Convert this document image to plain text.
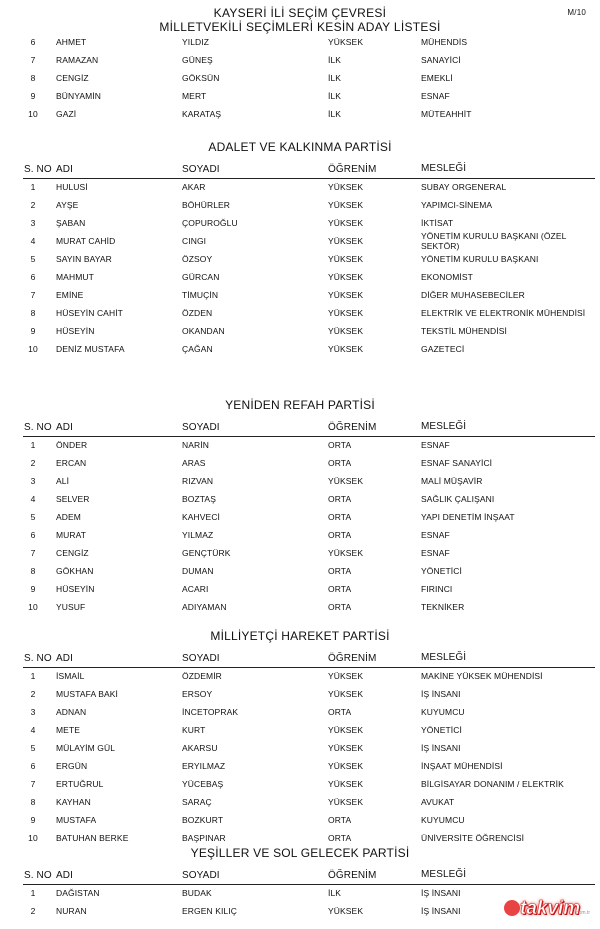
M/10
KAYSERİ İLİ SEÇİM ÇEVRESİ
MİLLETVEKİLİ SEÇİMLERİ KESİN ADAY LİSTESİ
6	AHMET	YILDIZ	YÜKSEK	MÜHENDİS
7	RAMAZAN	GÜNEŞ	İLK	SANAYİCİ
8	CENGİZ	GÖKSÜN	İLK	EMEKLİ
9	BÜNYAMİN	MERT	İLK	ESNAF
10	GAZİ	KARATAŞ	İLK	MÜTEAHHİT
ADALET VE KALKINMA PARTİSİ
S. NO ADI	SOYADI	ÖĞRENİM	MESLEĞİ
1	HULUSİ	AKAR	YÜKSEK	SUBAY ORGENERAL
2	AYŞE	BÖHÜRLER	YÜKSEK	YAPIMCI-SİNEMA
3	ŞABAN	ÇOPUROĞLU	YÜKSEK	İKTİSAT
4	MURAT CAHİD	CINGI	YÜKSEK	YÖNETİM KURULU BAŞKANI (ÖZEL SEKTÖR)
5	SAYIN BAYAR	ÖZSOY	YÜKSEK	YÖNETİM KURULU BAŞKANI
6	MAHMUT	GÜRCAN	YÜKSEK	EKONOMİST
7	EMİNE	TİMUÇİN	YÜKSEK	DİĞER MUHASEBECİLER
8	HÜSEYİN CAHİT	ÖZDEN	YÜKSEK	ELEKTRİK VE ELEKTRONİK MÜHENDİSİ
9	HÜSEYİN	OKANDAN	YÜKSEK	TEKSTİL MÜHENDİSİ
10	DENİZ MUSTAFA	ÇAĞAN	YÜKSEK	GAZETECİ
YENİDEN REFAH PARTİSİ
S. NO ADI	SOYADI	ÖĞRENİM	MESLEĞİ
1	ÖNDER	NARİN	ORTA	ESNAF
2	ERCAN	ARAS	ORTA	ESNAF SANAYİCİ
3	ALİ	RIZVAN	YÜKSEK	MALİ MÜŞAVİR
4	SELVER	BOZTAŞ	ORTA	SAĞLIK ÇALIŞANI
5	ADEM	KAHVECİ	ORTA	YAPI DENETİM İNŞAAT
6	MURAT	YILMAZ	ORTA	ESNAF
7	CENGİZ	GENÇTÜRK	YÜKSEK	ESNAF
8	GÖKHAN	DUMAN	ORTA	YÖNETİCİ
9	HÜSEYİN	ACARI	ORTA	FIRINCI
10	YUSUF	ADIYAMAN	ORTA	TEKNİKER
MİLLİYETÇİ HAREKET PARTİSİ
S. NO ADI	SOYADI	ÖĞRENİM	MESLEĞİ
1	İSMAİL	ÖZDEMİR	YÜKSEK	MAKİNE YÜKSEK MÜHENDİSİ
2	MUSTAFA BAKİ	ERSOY	YÜKSEK	İŞ İNSANI
3	ADNAN	İNCETOPRAK	ORTA	KUYUMCU
4	METE	KURT	YÜKSEK	YÖNETİCİ
5	MÜLAYİM GÜL	AKARSU	YÜKSEK	İŞ İNSANI
6	ERGÜN	ERYILMAZ	YÜKSEK	İNŞAAT MÜHENDİSİ
7	ERTUĞRUL	YÜCEBAŞ	YÜKSEK	BİLGİSAYAR DONANIM / ELEKTRİK
8	KAYHAN	SARAÇ	YÜKSEK	AVUKAT
9	MUSTAFA	BOZKURT	ORTA	KUYUMCU
10	BATUHAN BERKE	BAŞPINAR	ORTA	ÜNİVERSİTE ÖĞRENCİSİ
YEŞİLLER VE SOL GELECEK PARTİSİ
S. NO ADI	SOYADI	ÖĞRENİM	MESLEĞİ
1	DAĞISTAN	BUDAK	İLK	İŞ İNSANI
2	NURAN	ERGEN KILIÇ	YÜKSEK	İŞ İNSANI	takvim
com.tr
